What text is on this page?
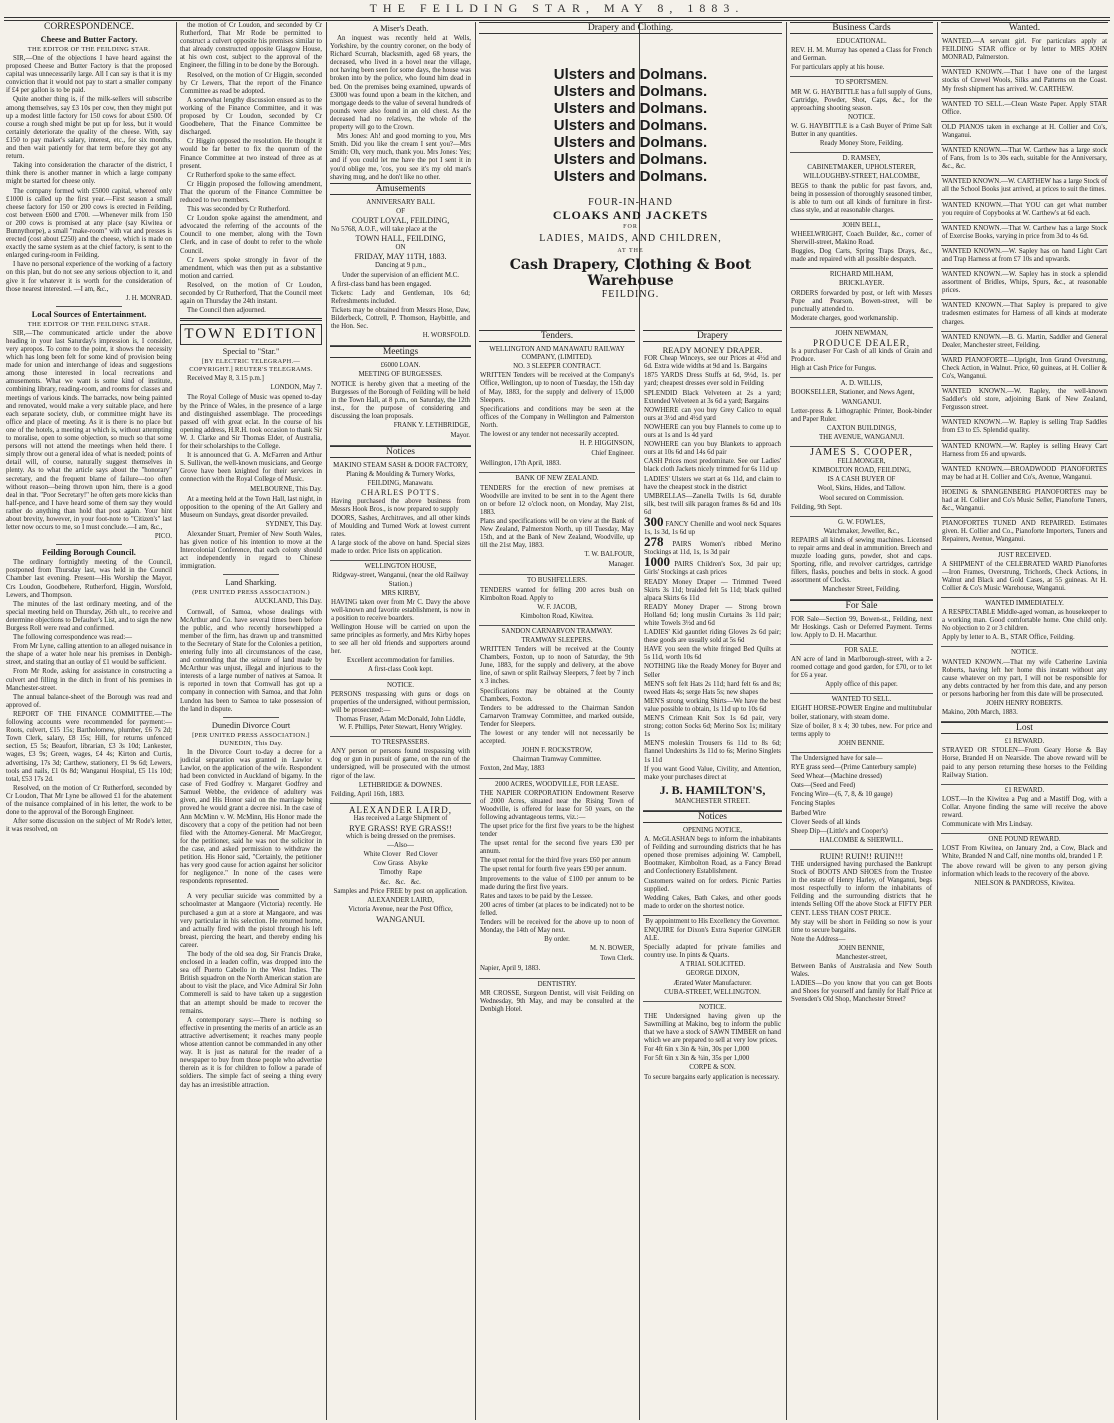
THE FEILDING STAR, MAY 8, 1883.
CORRESPONDENCE.
Cheese and Butter Factory.
THE EDITOR OF THE FEILDING STAR.

SIR,—One of the objections I have heard against the proposed Cheese and Butter Factory is that the proposed capital was unnecessarily large. All I can say is that it is my conviction that it would not pay to start a smaller company if £4 per gallon is to be paid.

Quite another thing is, if the milk-sellers will subscribe among themselves, say £3 10s per cow, then they might put up a modest little factory for 150 cows for about £500. Of course a rough shed might be put up for less, but it would certainly deteriorate the quality of the cheese. With, say £150 to pay maker's salary, interest, etc., for six months, and then wait patiently for that term before they got any return.

Taking into consideration the character of the district, I think there is another manner in which a large company might be started for cheese only.

The company formed with £5000 capital, whereof only £1000 is called up the first year.—First season a small cheese factory for 150 or 200 cows is erected in Feilding, cost between £600 and £700. —Whenever milk from 150 or 200 cows is promised at any place (say Kiwitea or Bunnythorpe), a small "make-room" with vat and presses is erected (cost about £250) and the cheese, which is made on exactly the same system as at the chief factory, is sent to the enlarged curing-room in Feilding.

I have no personal experience of the working of a factory on this plan, but do not see any serious objection to it, and give it for whatever it is worth for the consideration of those nearest interested. —I am, &c.,

J. H. MONRAD.
Local Sources of Entertainment.
THE EDITOR OF THE FEILDING STAR.

SIR,—The communicated article under the above heading in your last Saturday's impression is, I consider, very apropos. To come to the point, it shows the necessity which has long been felt for some kind of provision being made for union and interchange of ideas and suggestions among those interested in local recreations and amusements. What we want is some kind of institute, combining library, reading-room, and rooms for classes and meetings of various kinds. The barracks, now being painted and renovated, would make a very suitable place, and here each separate society, club, or committee might have its office and place of meeting. As it is there is no place but one of the hotels, a meeting at which is, without attempting to moralise, open to some objection, so much so that some persons will not attend the meetings when held there. I simply throw out a general idea of what is needed; points of detail will, of course, naturally suggest themselves in plenty. As to what the article says about the "honorary" secretary, and the frequent blame of failure—too often without reason—being thrown upon him, there is a good deal in that. "Poor Secretary!" he often gets more kicks than half-pence, and I have heard some of them say they would rather do anything than hold that post again. Your hint about brevity, however, in your foot-note to "Citizen's" last letter now occurs to me, so I must conclude.—I am, &c.,

PICO.
Feilding Borough Council.

The ordinary fortnightly meeting of the Council, postponed from Thursday last, was held in the Council Chamber last evening. Present—His Worship the Mayor, Crs Loudon, Goodbehere, Rutherford, Higgin, Worsfold, Lewers, and Thompson.

The minutes of the last ordinary meeting, and of the special meeting held on Thursday, 26th ult., to receive and determine objections to Defaulter's List, and to sign the new Burgess Roll were read and confirmed.

The following correspondence was read:—

From Mr Lyne, calling attention to an alleged nuisance in the shape of a water hole near his premises in Denbigh-street, and stating that an outlay of £1 would be sufficient.

From Mr Rode, asking for assistance in constructing a culvert and filling in the ditch in front of his premises in Manchester-street.

The annual balance-sheet of the Borough was read and approved of.

REPORT OF THE FINANCE COMMITTEE.—The following accounts were recommended for payment:—Roots, culvert, £15 15s; Bartholomew, plumber, £6 7s 2d; Town Clerk, salary, £8 15s; Hill, for returns unfenced section, £5 5s; Beaufort, librarian, £3 3s 10d; Lankester, wages, £3 9s; Green, wages, £4 4s; Kirton and Curtis, advertising, 17s 3d; Carthew, stationery, £1 9s 6d; Lewers, tools and nails, £1 0s 8d; Wanganui Hospital, £5 11s 10d; total, £53 17s 2d.

Resolved, on the motion of Cr Rutherford, seconded by Cr Loudon, That Mr Lyne be allowed £1 for the abatement of the nuisance complained of in his letter, the work to be done to the approval of the Borough Engineer.

After some discussion on the subject of Mr Rode's letter, it was resolved, on

the motion of Cr Loudon, and seconded by Cr Rutherford, That Mr Rode be permitted to construct a culvert opposite his premises similar to that already constructed opposite Glasgow House, at his own cost, subject to the approval of the Engineer, the filling in to be done by the Borough.

Resolved, on the motion of Cr Higgin, seconded by Cr Lewers, That the report of the Finance Committee as read be adopted.

A somewhat lengthy discussion ensued as to the working of the Finance Committee, and it was proposed by Cr Loudon, seconded by Cr Goodbehere, That the Finance Committee be discharged.

Cr Higgin opposed the resolution. He thought it would be far better to fix the quorum of the Finance Committee at two instead of three as at present.

Cr Rutherford spoke to the same effect.

Cr Higgin proposed the following amendment, That the quorum of the Finance Committee be reduced to two members.

This was seconded by Cr Rutherford.

Cr Loudon spoke against the amendment, and advocated the referring of the accounts of the Council to one member, along with the Town Clerk, and in case of doubt to refer to the whole Council.

Cr Lewers spoke strongly in favor of the amendment, which was then put as a substantive motion and carried.

Resolved, on the motion of Cr Loudon, seconded by Cr Rutherford, That the Council meet again on Thursday the 24th instant.

The Council then adjourned.

TOWN EDITION
Special to "Star."
[BY ELECTRIC TELEGRAPH.—COPYRIGHT.] REUTER'S TELEGRAMS.

Received May 8, 3.15 p.m.]

LONDON, May 7.

The Royal College of Music was opened to-day by the Prince of Wales, in the presence of a large and distinguished assemblage. The proceedings passed off with great eclat. In the course of his opening address, H.R.H. took occasion to thank Sir W. J. Clarke and Sir Thomas Elder, of Australia, for their scholarships to the College.

It is announced that G. A. McFarren and Arthur S. Sullivan, the well-known musicians, and George Grove have been knighted for their services in connection with the Royal College of Music.

MELBOURNE, This Day.

At a meeting held at the Town Hall, last night, in opposition to the opening of the Art Gallery and Museum on Sundays, great disorder prevailed.

SYDNEY, This Day.

Alexander Stuart, Premier of New South Wales, has given notice of his intention to move at the Intercolonial Conference, that each colony should act independently in regard to Chinese immigration.

Land Sharking.
(PER UNITED PRESS ASSOCIATION.)
AUCKLAND, This Day.

Cornwall, of Samoa, whose dealings with McArthur and Co. have several times been before the public, and who recently horsewhipped a member of the firm, has drawn up and transmitted to the Secretary of State for the Colonies a petition, entering fully into all circumstances of the case, and contending that the seizure of land made by McArthur was unjust, illegal and injurious to the interests of a large number of natives at Samoa. It is reported in town that Cornwall has got up a company in connection with Samoa, and that John Lundon has been to Samoa to take possession of the land in dispute.

Dunedin Divorce Court
[PER UNITED PRESS ASSOCIATION.] DUNEDIN, This Day.

In the Divorce Court to-day a decree for a judicial separation was granted in Lawlor v. Lawlor, on the application of the wife. Respondent had been convicted in Auckland of bigamy. In the case of Fred Godfrey v. Margaret Godfrey and Samuel Webbe, the evidence of adultery was given, and His Honor said on the marriage being proved he would grant a decree nisi. In the case of Ann McMinn v. W. McMinn, His Honor made the discovery that a copy of the petition had not been filed with the Attorney-General. Mr MacGregor, for the petitioner, said he was not the solicitor in the case, and asked permission to withdraw the petition. His Honor said, "Certainly, the petitioner has very good cause for action against her solicitor for negligence." In none of the cases were respondents represented.

A very peculiar suicide was committed by a schoolmaster at Mangaore (Victoria) recently. He purchased a gun at a store at Mangaore, and was very particular in his selection. He returned home, and actually fired with the pistol through his left breast, piercing the heart, and thereby ending his career.

The body of the old sea dog, Sir Francis Drake, enclosed in a leaden coffin, was dropped into the sea off Puerto Cabello in the West Indies. The British squadron on the North American station are about to visit the place, and Vice Admiral Sir John Commerell is said to have taken up a suggestion that an attempt should be made to recover the remains.

A contemporary says:—There is nothing so effective in presenting the merits of an article as an attractive advertisement; it reaches many people whose attention cannot be commanded in any other way. It is just as natural for the reader of a newspaper to buy from those people who advertise therein as it is for children to follow a parade of soldiers. The simple fact of seeing a thing every day has an irresistible attraction.

A Miser's Death.

An inquest was recently held at Wells, Yorkshire, by the country coroner, on the body of Richard Scurrah, blacksmith, aged 68 years, the deceased, who lived in a hovel near the village, not having been seen for some days, the house was broken into by the police, who found him dead in bed. On the premises being examined, upwards of £3000 was found upon a beam in the kitchen, and mortgage deeds to the value of several hundreds of pounds were also found in an old chest. As the deceased had no relatives, the whole of the property will go to the Crown.

Mrs Jones: Ah! and good morning to you, Mrs Smith. Did you like the cream I sent you?—Mrs Smith: Oh, very much, thank you. Mrs Jones: Yes; and if you could let me have the pot I sent it in you'd oblige me, 'cos, you see it's my old man's shaving mug, and he don't like no other.

Amusements

ANNIVERSARY BALL

OF

COURT LOYAL, FEILDING,

No 5768, A.O.F., will take place at the

TOWN HALL, FEILDING,

ON

FRIDAY, MAY 11TH, 1883.

Dancing at 9 p.m.,

Under the supervision of an efficient M.C.

A first-class band has been engaged.

Tickets: Lady and Gentleman, 10s 6d; Refreshments included.

Tickets may be obtained from Messrs Hose, Daw, Bilderbeck, Cottrell, P. Thomson, Haybittle, and the Hon. Sec.

H. WORSFOLD.
Meetings

£6000 LOAN.

MEETING OF BURGESSES.

NOTICE is hereby given that a meeting of the Burgesses of the Borough of Feilding will be held in the Town Hall, at 8 p.m., on Saturday, the 12th inst., for the purpose of considering and discussing the loan proposals.

FRANK Y. LETHBRIDGE,
Mayor.
Notices

MAKINO STEAM SASH & DOOR FACTORY,

Planing & Moulding & Turnery Works, FEILDING, Manawatu.

CHARLES POTTS.

Having purchased the above business from Messrs Hook Bros., is now prepared to supply

DOORS, Sashes, Architraves, and all other kinds of Moulding and Turned Work at lowest current rates.

A large stock of the above on hand. Special sizes made to order. Price lists on application.

WELLINGTON HOUSE,

Ridgway-street, Wanganui, (near the old Railway Station.)

MRS KIRBY,

HAVING taken over from Mr C. Davy the above well-known and favorite establishment, is now in a position to receive boarders.

Wellington House will be carried on upon the same principles as formerly, and Mrs Kirby hopes to see all her old friends and supporters around her.

Excellent accommodation for families.

A first-class Cook kept.

NOTICE.

PERSONS trespassing with guns or dogs on properties of the undersigned, without permission, will be prosecuted:—

Thomas Fraser, Adam McDonald, John Liddle, W. F. Phillips, Peter Stewart, Henry Wrigley.

TO TRESPASSERS.

ANY person or persons found trespassing with dog or gun in pursuit of game, on the run of the undersigned, will be prosecuted with the utmost rigor of the law.

LETHBRIDGE & DOWNES.

Feilding, April 16th, 1883.

ALEXANDER LAIRD,

Has received a Large Shipment of

RYE GRASS! RYE GRASS!!

which is being dressed on the premises.

—Also—

White Clover   Red Clover

Cow Grass   Alsyke

Timothy   Rape

&c.   &c.   &c.

Samples and Price FREE by post on application.

ALEXANDER LAIRD,

Victoria Avenue, near the Post Office,

WANGANUI.

Drapery and Clothing.
Ulsters and Dolmans.
Ulsters and Dolmans.
Ulsters and Dolmans.
Ulsters and Dolmans.
Ulsters and Dolmans.
Ulsters and Dolmans.
Ulsters and Dolmans.
FOUR-IN-HAND
CLOAKS AND JACKETS
FOR
LADIES, MAIDS, AND CHILDREN,
AT THE
Cash Drapery, Clothing & Boot Warehouse
FEILDING.
Tenders.

WELLINGTON AND MANAWATU RAILWAY COMPANY, (LIMITED).

NO. 3 SLEEPER CONTRACT.

WRITTEN Tenders will be received at the Company's Office, Wellington, up to noon of Tuesday, the 15th day of May, 1883, for the supply and delivery of 15,000 Sleepers.

Specifications and conditions may be seen at the offices of the Company in Wellington and Palmerston North.

The lowest or any tender not necessarily accepted.

H. P. HIGGINSON,
Chief Engineer.

Wellington, 17th April, 1883.

BANK OF NEW ZEALAND.

TENDERS for the erection of new premises at Woodville are invited to be sent in to the Agent there on or before 12 o'clock noon, on Monday, May 21st, 1883.

Plans and specifications will be on view at the Bank of New Zealand, Palmerston North, up till Tuesday, May 15th, and at the Bank of New Zealand, Woodville, up till the 21st May, 1883.

T. W. BALFOUR,
Manager.

TO BUSHFELLERS.

TENDERS wanted for felling 200 acres bush on Kimbolton Road. Apply to

W. F. JACOB,

Kimbolton Road, Kiwitea.

SANDON CARNARVON TRAMWAY.

TRAMWAY SLEEPERS.

WRITTEN Tenders will be received at the County Chambers, Foxton, up to noon of Saturday, the 9th June, 1883, for the supply and delivery, at the above line, of sawn or split Railway Sleepers, 7 feet by 7 inch x 3 inches.

Specifications may be obtained at the County Chambers, Foxton.

Tenders to be addressed to the Chairman Sandon Carnarvon Tramway Committee, and marked outside, Tender for Sleepers.

The lowest or any tender will not necessarily be accepted.

JOHN F. ROCKSTROW,

Chairman Tramway Committee.

Foxton, 2nd May, 1883

2000 ACRES, WOODVILLE, FOR LEASE.

THE NAPIER CORPORATION Endowment Reserve of 2000 Acres, situated near the Rising Town of Woodville, is offered for lease for 50 years, on the following advantageous terms, viz.:—

The upset price for the first five years to be the highest tender

The upset rental for the second five years £30 per annum.

The upset rental for the third five years £60 per annum

The upset rental for fourth five years £90 per annum.

Improvements to the value of £100 per annum to be made during the first five years.

Rates and taxes to be paid by the Lessee.

200 acres of timber (at places to be indicated) not to be felled.

Tenders will be received for the above up to noon of Monday, the 14th of May next.

By order.

M. N. BOWER,
Town Clerk.

Napier, April 9, 1883.

DENTISTRY.

MR CROSSE, Surgeon Dentist, will visit Feilding on Wednesday, 9th May, and may be consulted at the Denbigh Hotel.

Drapery

READY MONEY DRAPER.

FOR Cheap Winceys, see our Prices at 4½d and 6d. Extra wide widths at 9d and 1s. Bargains

1875 YARDS Dress Stuffs at 6d, 9½d, 1s. per yard; cheapest dresses ever sold in Feilding

SPLENDID Black Velveteen at 2s a yard; Extended Velveteen at 3s 6d a yard; Bargains

NOWHERE can you buy Grey Calico to equal ours at 3½d and 4½d yard

NOWHERE can you buy Flannels to come up to ours at 1s and 1s 4d yard

NOWHERE can you buy Blankets to approach ours at 10s 6d and 14s 6d pair

CASH Prices most predominate. See our Ladies' black cloth Jackets nicely trimmed for 6s 11d up

LADIES' Ulsters we start at 6s 11d, and claim to have the cheapest stock in the district

UMBRELLAS—Zanella Twills 1s 6d, durable silk, best twill silk paragon frames 8s 6d and 10s 6d

300 FANCY Chenille and wool neck Squares 1s, 1s 3d, 1s 6d up

278 PAIRS Women's ribbed Merino Stockings at 11d, 1s, 1s 3d pair

1000 PAIRS Children's Sox, 3d pair up; Girls' Stockings at cash prices

READY Money Draper — Trimmed Tweed Skirts 3s 11d; braided felt 5s 11d; black quilted alpaca Skirts 6s 11d

READY Money Draper — Strong brown Holland 6d; long muslin Curtains 3s 11d pair; white Towels 3½d and 6d

LADIES' Kid gauntlet riding Gloves 2s 6d pair; these goods are usually sold at 5s 6d

HAVE you seen the white fringed Bed Quilts at 5s 11d, worth 10s 6d

NOTHING like the Ready Money for Buyer and Seller

MEN'S soft felt Hats 2s 11d; hard felt 6s and 8s; tweed Hats 4s; serge Hats 5s; new shapes

MEN'S strong working Shirts—We have the best value possible to obtain, 1s 11d up to 10s 6d

MEN'S Crimean Knit Sox 1s 6d pair, very strong; cotton Socks 6d; Merino Sox 1s; military 1s

MEN'S moleskin Trousers 6s 11d to 8s 6d; flannel Undershirts 3s 11d to 6s; Merino Singlets 1s 11d

If you want Good Value, Civility, and Attention, make your purchases direct at

J. B. HAMILTON'S,

MANCHESTER STREET.

Notices

OPENING NOTICE,

A. McGLASHAN begs to inform the inhabitants of Feilding and surrounding districts that he has opened those premises adjoining W. Campbell, Bootmaker, Kimbolton Road, as a Fancy Bread and Confectionery Establishment.

Customers waited on for orders. Picnic Parties supplied.

Wedding Cakes, Bath Cakes, and other goods made to order on the shortest notice.

By appointment to His Excellency the Governor.

ENQUIRE for Dixon's Extra Superior GINGER ALE.

Specially adapted for private families and country use. In pints & Quarts.

A TRIAL SOLICITED.

GEORGE DIXON,

Ærated Water Manufacturer.

CUBA-STREET, WELLINGTON.

NOTICE.

THE Undersigned having given up the Sawmilling at Makino, beg to inform the public that we have a stock of SAWN TIMBER on hand which we are prepared to sell at very low prices.

For 4ft 6in x 3in & ¾in, 30s per 1,000

For 5ft 6in x 3in & ¾in, 35s per 1,000

CORPE & SON.

To secure bargains early application is necessary.

Business Cards

EDUCATIONAL.

REV. H. M. Murray has opened a Class for French and German.

For particulars apply at his house.

TO SPORTSMEN.

MR W. G. HAYBITTLE has a full supply of Guns, Cartridge, Powder, Shot, Caps, &c., for the approaching shooting season.

NOTICE.

W. G. HAYBITTLE is a Cash Buyer of Prime Salt Butter in any quantities.

Ready Money Store, Feilding.

D. RAMSEY,

CABINETMAKER, UPHOLSTERER,

WILLOUGHBY-STREET, HALCOMBE,

BEGS to thank the public for past favors, and, being in possession of thoroughly seasoned timber, is able to turn out all kinds of furniture in first-class style, and at reasonable charges.

JOHN BELL,

WHEELWRIGHT, Coach Builder, &c., corner of Sherwill-street, Makino Road.

Buggies, Dog Carts, Spring Traps Drays, &c., made and repaired with all possible despatch.

RICHARD MILHAM,

BRICKLAYER.

ORDERS forwarded by post, or left with Messrs Pope and Pearson, Bowen-street, will be punctually attended to.

Moderate charges, good workmanship.

JOHN NEWMAN,

PRODUCE DEALER,

Is a purchaser For Cash of all kinds of Grain and Produce.

High at Cash Price for Fungus.

A. D. WILLIS,

BOOKSELLER, Stationer, and News Agent,

WANGANUI.

Letter-press & Lithographic Printer, Book-binder and Paper Ruler.

CAXTON BUILDINGS,

THE AVENUE, WANGANUI.

JAMES S. COOPER,

FELLMONGER,

KIMBOLTON ROAD, FEILDING,

IS A CASH BUYER OF

Wool, Skins, Hides, and Tallow.

Wool secured on Commission.

Feilding, 9th Sept.

G. W. FOWLES,

Watchmaker, Jeweller, &c.,

REPAIRS all kinds of sewing machines. Licensed to repair arms and deal in ammunition. Breech and muzzle loading guns, powder, shot and caps. Sporting, rifle, and revolver cartridges, cartridge fillers, flasks, pouches and belts in stock. A good assortment of Clocks.

Manchester Street, Feilding.

For Sale

FOR Sale—Section 99, Bowen-st., Feilding, next Mr Hoskings. Cash or Deferred Payment. Terms low. Apply to D. H. Macarthur.

FOR SALE.

AN acre of land in Marlborough-street, with a 2-roomed cottage and good garden, for £70, or to let for £6 a year.

Apply office of this paper.

WANTED TO SELL.

EIGHT HORSE-POWER Engine and multitubular boiler, stationary, with steam dome.

Size of boiler, 8 x 4; 30 tubes, new. For price and terms apply to

JOHN BENNIE.

The Undersigned have for sale—

RYE grass seed—(Prime Canterbury sample)

Seed Wheat—(Machine dressed)

Oats—(Seed and Feed)

Fencing Wire—(6, 7, 8, & 10 gauge)

Fencing Staples

Barbed Wire

Clover Seeds of all kinds

Sheep Dip—(Little's and Cooper's)

HALCOMBE & SHERWILL.

RUIN! RUIN!! RUIN!!!

THE undersigned having purchased the Bankrupt Stock of BOOTS AND SHOES from the Trustee in the estate of Henry Harley, of Wanganui, begs most respectfully to inform the inhabitants of Feilding and the surrounding districts that he intends Selling Off the above Stock at FIFTY PER CENT. LESS THAN COST PRICE.

My stay will be short in Feilding so now is your time to secure bargains.

Note the Address—

JOHN BENNIE,

Manchester-street,

Between Banks of Australasia and New South Wales.

LADIES—Do you know that you can get Boots and Shoes for yourself and family for Half Price at Svensden's Old Shop, Manchester Street?

Wanted.

WANTED.—A servant girl. For particulars apply at FEILDING STAR office or by letter to MRS JOHN MONRAD, Palmerston.

WANTED KNOWN.—That I have one of the largest stocks of Crewel Wools, Silks and Patterns on the Coast. My fresh shipment has arrived. W. CARTHEW.

WANTED TO SELL.—Clean Waste Paper. Apply STAR Office.

OLD PIANOS taken in exchange at H. Collier and Co's, Wanganui.

WANTED KNOWN.—That W. Carthew has a large stock of Fans, from 1s to 30s each, suitable for the Anniversary, &c., &c.

WANTED KNOWN.—W. CARTHEW has a large Stock of all the School Books just arrived, at prices to suit the times.

WANTED KNOWN.—That YOU can get what number you require of Copybooks at W. Carthew's at 6d each.

WANTED KNOWN.—That W. Carthew has a large Stock of Exercise Books, varying in price from 3d to 4s 6d.

WANTED KNOWN.—W. Sapley has on hand Light Cart and Trap Harness at from £7 10s and upwards.

WANTED KNOWN.—W. Sapley has in stock a splendid assortment of Bridles, Whips, Spurs, &c., at reasonable prices.

WANTED KNOWN.—That Sapley is prepared to give tradesmen estimates for Harness of all kinds at moderate charges.

WANTED KNOWN.—B. G. Martin, Saddler and General Dealer, Manchester street, Feilding.

WARD PIANOFORTE—Upright, Iron Grand Overstrung, Check Action, in Walnut. Price, 60 guineas, at H. Collier & Co's, Wanganui.

WANTED KNOWN.—W. Rapley, the well-known Saddler's old store, adjoining Bank of New Zealand, Fergusson street.

WANTED KNOWN.—W. Rapley is selling Trap Saddles from £3 to £5. Splendid quality.

WANTED KNOWN.—W. Rapley is selling Heavy Cart Harness from £6 and upwards.

WANTED KNOWN.—BROADWOOD PIANOFORTES may be had at H. Collier and Co's, Avenue, Wanganui.

HOEING & SPANGENBERG PIANOFORTES may be had at H. Collier and Co's Music Seller, Pianoforte Tuners, &c., Wanganui.

PIANOFORTES TUNED AND REPAIRED. Estimates given. H. Collier and Co., Pianoforte Importers, Tuners and Repairers, Avenue, Wanganui.

JUST RECEIVED.

A SHIPMENT of the CELEBRATED WARD Pianofortes—Iron Frames, Overstrung, Trichords, Check Actions, in Walnut and Black and Gold Cases, at 55 guineas. At H. Collier & Co's Music Warehouse, Wanganui.

WANTED IMMEDIATELY.

A RESPECTABLE Middle-aged woman, as housekeeper to a working man. Good comfortable home. One child only. No objection to 2 or 3 children.

Apply by letter to A. B., STAR Office, Feilding.

NOTICE.

WANTED KNOWN.—That my wife Catherine Lavinia Roberts, having left her home this instant without any cause whatever on my part, I will not be responsible for any debts contracted by her from this date, and any person or persons harboring her from this date will be prosecuted.

JOHN HENRY ROBERTS.

Makino, 20th March, 1883.

Lost

£1 REWARD.

STRAYED OR STOLEN—From Geary Horse & Bay Horse, Branded H on Nearside. The above reward will be paid to any person returning these horses to the Feilding Railway Station.

£1 REWARD.

LOST.—In the Kiwitea a Pug and a Mastiff Dog, with a Collar. Anyone finding the same will receive the above reward.

Communicate with Mrs Lindsay.

ONE POUND REWARD.

LOST From Kiwitea, on January 2nd, a Cow, Black and White, Branded N and Calf, nine months old, branded 1 P.

The above reward will be given to any person giving information which leads to the recovery of the above.

NIELSON & PANDROSS, Kiwitea.
